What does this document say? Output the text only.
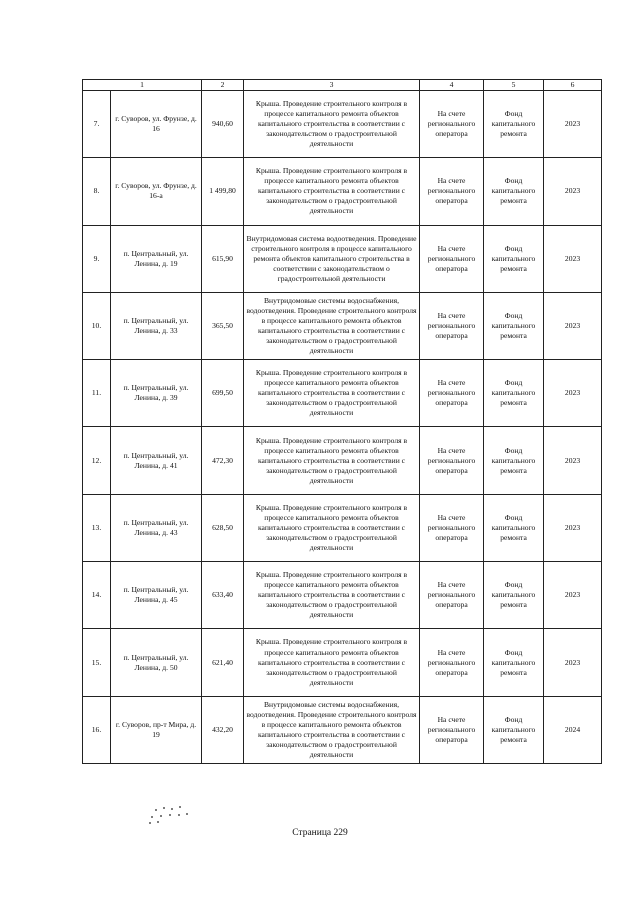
1		2	3	4	5	6
7.	г. Суворов, ул. Фрунзе, д. 16	940,60	Крыша. Проведение строительного контроля в процессе капитального ремонта объектов капитального строительства в соответствии с законодательством о градостроительной деятельности	На счете регионального оператора	Фонд капитального ремонта	2023
8.	г. Суворов, ул. Фрунзе, д. 16-а	1 499,80	Крыша. Проведение строительного контроля в процессе капитального ремонта объектов капитального строительства в соответствии с законодательством о градостроительной деятельности	На счете регионального оператора	Фонд капитального ремонта	2023
9.	п. Центральный, ул. Ленина, д. 19	615,90	Внутридомовая система водоотведения. Проведение строительного контроля в процессе капитального ремонта объектов капитального строительства в соответствии с законодательством о градостроительной деятельности	На счете регионального оператора	Фонд капитального ремонта	2023
10.	п. Центральный, ул. Ленина, д. 33	365,50	Внутридомовые системы водоснабжения, водоотведения. Проведение строительного контроля в процессе капитального ремонта объектов капитального строительства в соответствии с законодательством о градостроительной деятельности	На счете регионального оператора	Фонд капитального ремонта	2023
11.	п. Центральный, ул. Ленина, д. 39	699,50	Крыша. Проведение строительного контроля в процессе капитального ремонта объектов капитального строительства в соответствии с законодательством о градостроительной деятельности	На счете регионального оператора	Фонд капитального ремонта	2023
12.	п. Центральный, ул. Ленина, д. 41	472,30	Крыша. Проведение строительного контроля в процессе капитального ремонта объектов капитального строительства в соответствии с законодательством о градостроительной деятельности	На счете регионального оператора	Фонд капитального ремонта	2023
13.	п. Центральный, ул. Ленина, д. 43	628,50	Крыша. Проведение строительного контроля в процессе капитального ремонта объектов капитального строительства в соответствии с законодательством о градостроительной деятельности	На счете регионального оператора	Фонд капитального ремонта	2023
14.	п. Центральный, ул. Ленина, д. 45	633,40	Крыша. Проведение строительного контроля в процессе капитального ремонта объектов капитального строительства в соответствии с законодательством о градостроительной деятельности	На счете регионального оператора	Фонд капитального ремонта	2023
15.	п. Центральный, ул. Ленина, д. 50	621,40	Крыша. Проведение строительного контроля в процессе капитального ремонта объектов капитального строительства в соответствии с законодательством о градостроительной деятельности	На счете регионального оператора	Фонд капитального ремонта	2023
16.	г. Суворов, пр-т Мира, д. 19	432,20	Внутридомовые системы водоснабжения, водоотведения. Проведение строительного контроля в процессе капитального ремонта объектов капитального строительства в соответствии с законодательством о градостроительной деятельности	На счете регионального оператора	Фонд капитального ремонта	2024
Страница 229
